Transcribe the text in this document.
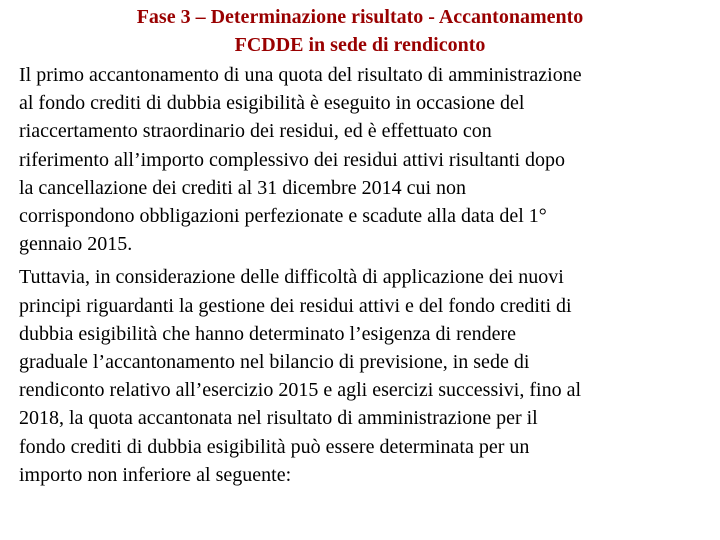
Fase 3 – Determinazione risultato - Accantonamento
FCDDE in sede di rendiconto

Il primo accantonamento di una quota del risultato di amministrazione
al fondo crediti di dubbia esigibilità è eseguito in occasione del
riaccertamento straordinario dei residui, ed è effettuato con
riferimento all’importo complessivo dei residui attivi risultanti dopo
la cancellazione dei crediti al 31 dicembre 2014 cui non
corrispondono obbligazioni perfezionate e scadute alla data del 1°
gennaio 2015.

Tuttavia, in considerazione delle difficoltà di applicazione dei nuovi
principi riguardanti la gestione dei residui attivi e del fondo crediti di
dubbia esigibilità che hanno determinato l’esigenza di rendere
graduale l’accantonamento nel bilancio di previsione, in sede di
rendiconto relativo all’esercizio 2015 e agli esercizi successivi, fino al
2018, la quota accantonata nel risultato di amministrazione per il
fondo crediti di dubbia esigibilità può essere determinata per un
importo non inferiore al seguente:
